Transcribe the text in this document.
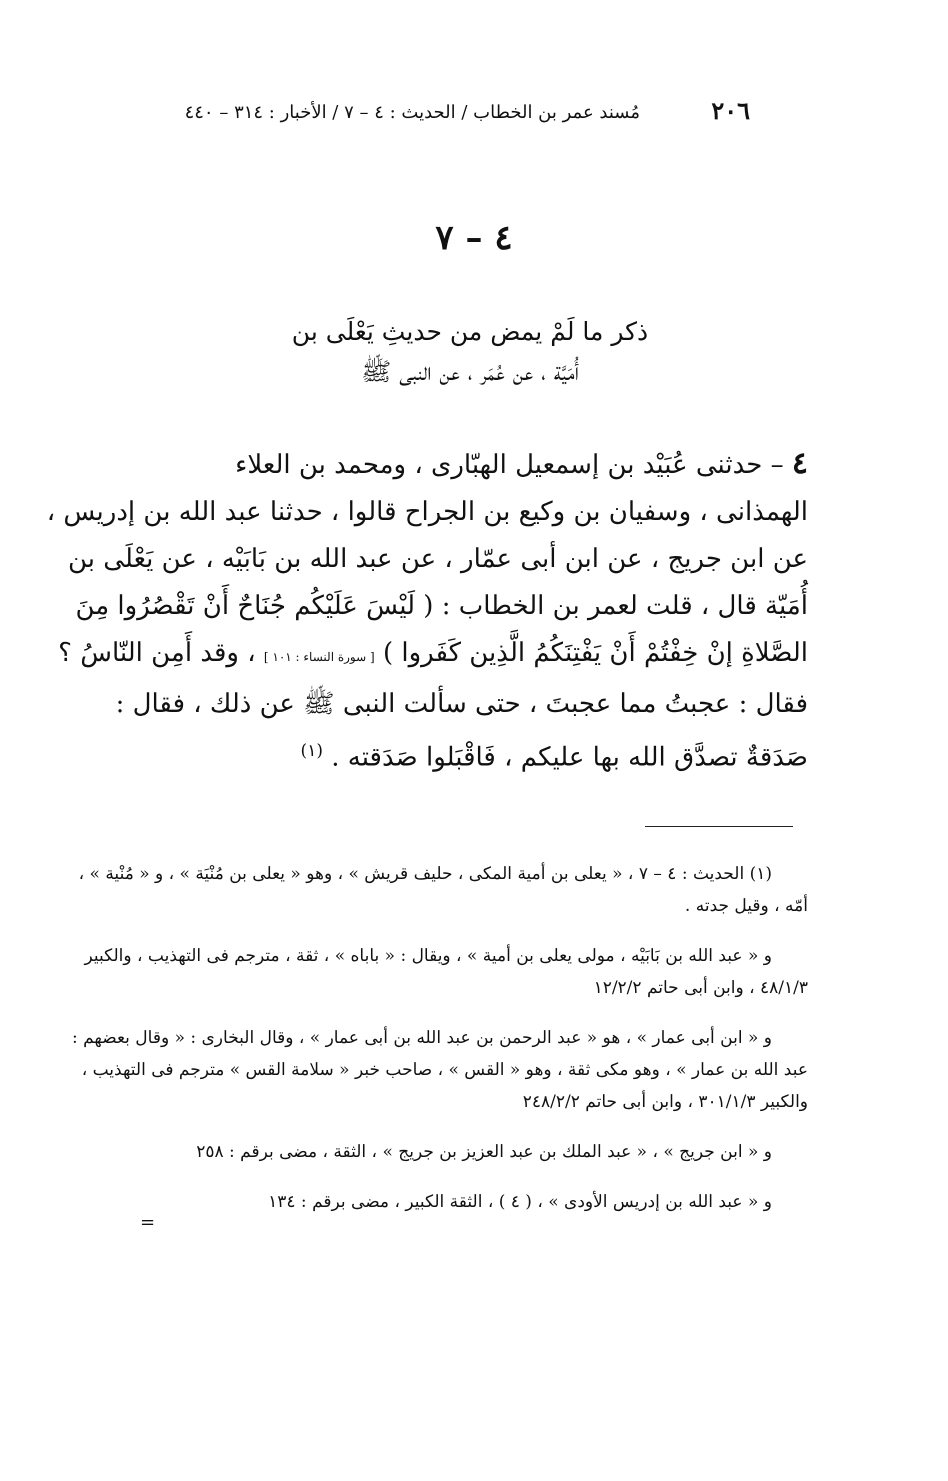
٢٠٦
مُسند عمر بن الخطاب / الحديث : ٤ – ٧ / الأخبار : ٣١٤ – ٤٤٠
٤ – ٧
ذكر ما لَمْ يمض من حديثِ يَعْلَى بن
أُمَيَّة ، عن عُمَر ، عن النبى ﷺ
٤ – حدثنى عُبَيْد بن إسمعيل الهبّارى ، ومحمد بن العلاء
الهمذانى ، وسفيان بن وكيع بن الجراح قالوا ، حدثنا عبد الله بن إدريس ،
عن ابن جريج ، عن ابن أبى عمّار ، عن عبد الله بن بَابَيْه ، عن يَعْلَى بن
أُمَيّة قال ، قلت لعمر بن الخطاب : ( لَيْسَ عَلَيْكُم جُنَاحٌ أَنْ تَقْصُرُوا مِنَ
الصَّلاةِ إنْ خِفْتُمْ أَنْ يَفْتِنَكُمُ الَّذِين كَفَروا ) [ سورة النساء : ١٠١ ] ، وقد أَمِن النّاسُ ؟
فقال : عجبتُ مما عجبتَ ، حتى سألت النبى ﷺ عن ذلك ، فقال :
صَدَقةٌ تصدَّق الله بها عليكم ، فَاقْبَلوا صَدَقته . $^{(١)}$
(١) الحديث : ٤ – ٧ ، « يعلى بن أمية المكى ، حليف قريش » ، وهو « يعلى بن مُنْيَة » ، و « مُنْية » ،
أمّه ، وقيل جدته .
و « عبد الله بن بَابَيْه ، مولى يعلى بن أمية » ، ويقال : « باباه » ، ثقة ، مترجم فى التهذيب ، والكبير
٤٨/١/٣ ، وابن أبى حاتم ١٢/٢/٢
و « ابن أبى عمار » ، هو « عبد الرحمن بن عبد الله بن أبى عمار » ، وقال البخارى : « وقال بعضهم :
عبد الله بن عمار » ، وهو مكى ثقة ، وهو « القس » ، صاحب خبر « سلامة القس » مترجم فى التهذيب ،
والكبير ٣٠١/١/٣ ، وابن أبى حاتم ٢٤٨/٢/٢
و « ابن جريج » ، « عبد الملك بن عبد العزيز بن جريج » ، الثقة ، مضى برقم : ٢٥٨
و « عبد الله بن إدريس الأودى » ، ( ٤ ) ، الثقة الكبير ، مضى برقم : ١٣٤
=
